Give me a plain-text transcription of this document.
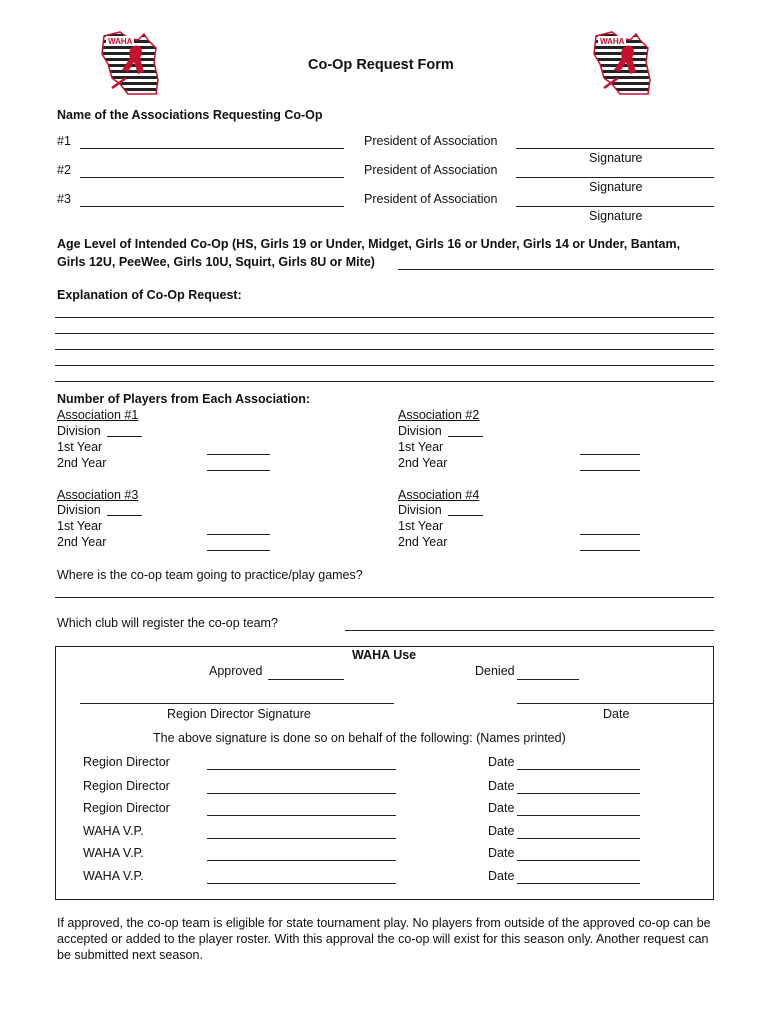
WAHA	WAHA
Co-Op Request Form
Name of the Associations Requesting Co-Op
#1	President of Association
Signature
#2	President of Association
Signature
#3	President of Association
Signature
Age Level of Intended Co-Op (HS, Girls 19 or Under, Midget, Girls 16 or Under, Girls 14 or Under, Bantam,
Girls 12U, PeeWee, Girls 10U, Squirt, Girls 8U or Mite)
Explanation of Co-Op Request:
Number of Players from Each Association:
Association #1
Division
1st Year
2nd Year
Association #2
Division
1st Year
2nd Year
Association #3
Division
1st Year
2nd Year
Association #4
Division
1st Year
2nd Year
Where is the co-op team going to practice/play games?
Which club will register the co-op team?
WAHA Use
Approved	Denied
Region Director Signature	Date
The above signature is done so on behalf of the following: (Names printed)
Region Director	Date
Region Director	Date
Region Director	Date
WAHA V.P.	Date
WAHA V.P.	Date
WAHA V.P.	Date
If approved, the co-op team is eligible for state tournament play. No players from outside of the approved co-op can be accepted or added to the player roster. With this approval the co-op will exist for this season only. Another request can be submitted next season.
